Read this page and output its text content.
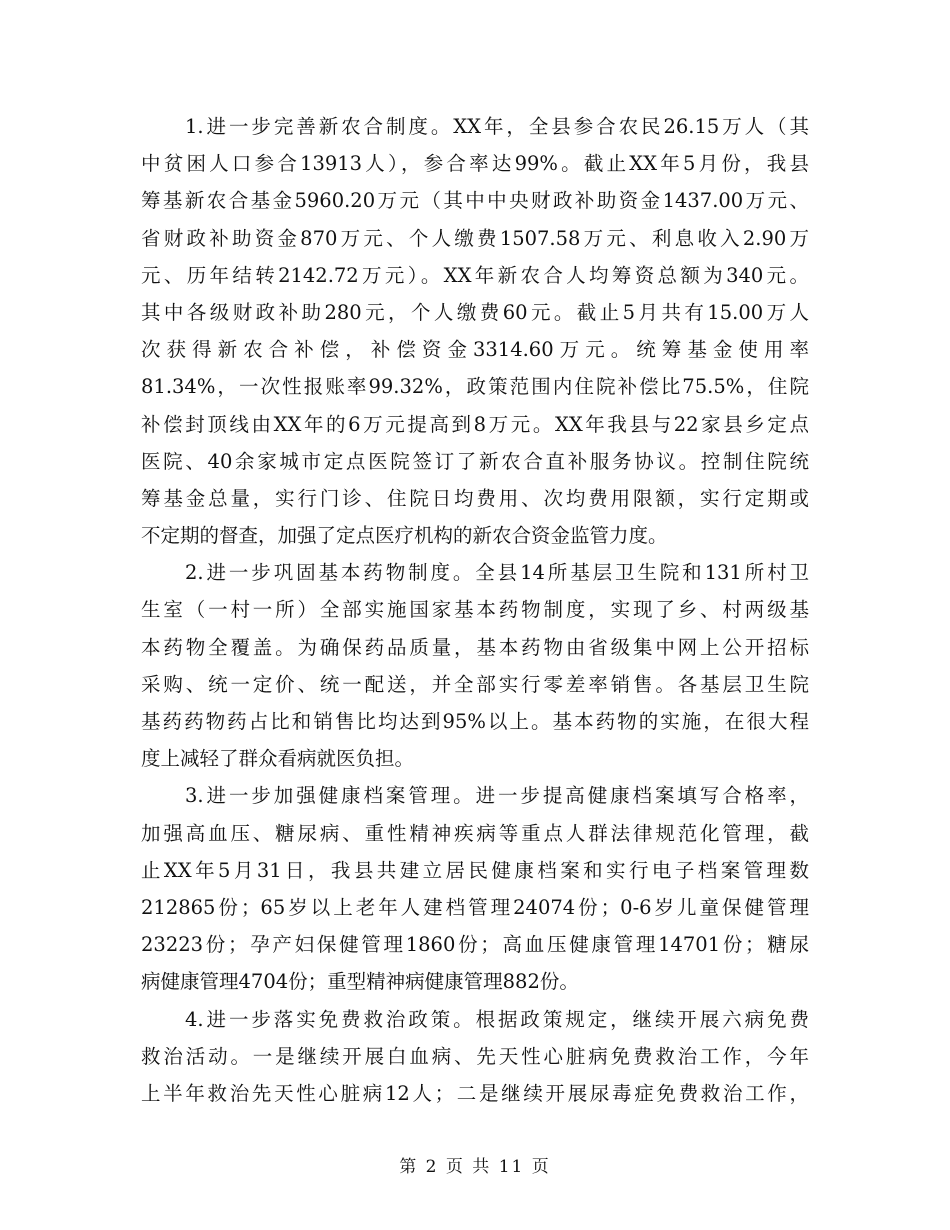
1.进一步完善新农合制度。XX年，全县参合农民26.15万人（其
中贫困人口参合13913人），参合率达99%。截止XX年5月份，我县
筹基新农合基金5960.20万元（其中中央财政补助资金1437.00万元、
省财政补助资金870万元、个人缴费1507.58万元、利息收入2.90万
元、历年结转2142.72万元）。XX年新农合人均筹资总额为340元。
其中各级财政补助280元，个人缴费60元。截止5月共有15.00万人
次获得新农合补偿，补偿资金3314.60万元。统筹基金使用率
81.34%，一次性报账率99.32%，政策范围内住院补偿比75.5%，住院
补偿封顶线由XX年的6万元提高到8万元。XX年我县与22家县乡定点
医院、40余家城市定点医院签订了新农合直补服务协议。控制住院统
筹基金总量，实行门诊、住院日均费用、次均费用限额，实行定期或
不定期的督查，加强了定点医疗机构的新农合资金监管力度。
2.进一步巩固基本药物制度。全县14所基层卫生院和131所村卫
生室（一村一所）全部实施国家基本药物制度，实现了乡、村两级基
本药物全覆盖。为确保药品质量，基本药物由省级集中网上公开招标
采购、统一定价、统一配送，并全部实行零差率销售。各基层卫生院
基药药物药占比和销售比均达到95%以上。基本药物的实施，在很大程
度上减轻了群众看病就医负担。
3.进一步加强健康档案管理。进一步提高健康档案填写合格率，
加强高血压、糖尿病、重性精神疾病等重点人群法律规范化管理，截
止XX年5月31日，我县共建立居民健康档案和实行电子档案管理数
212865份；65岁以上老年人建档管理24074份；0-6岁儿童保健管理
23223份；孕产妇保健管理1860份；高血压健康管理14701份；糖尿
病健康管理4704份；重型精神病健康管理882份。
4.进一步落实免费救治政策。根据政策规定，继续开展六病免费
救治活动。一是继续开展白血病、先天性心脏病免费救治工作，今年
上半年救治先天性心脏病12人；二是继续开展尿毒症免费救治工作，
第 2 页 共 11 页
